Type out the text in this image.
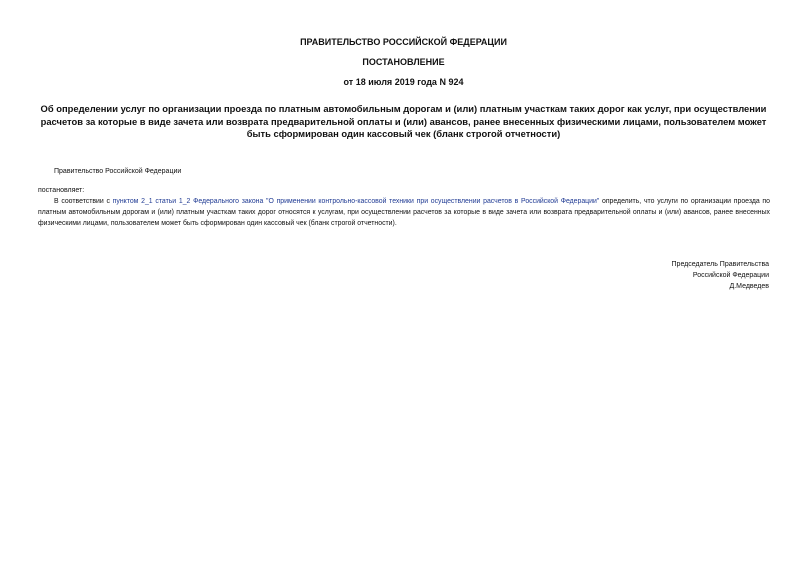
ПРАВИТЕЛЬСТВО РОССИЙСКОЙ ФЕДЕРАЦИИ
ПОСТАНОВЛЕНИЕ
от 18 июля 2019 года N 924
Об определении услуг по организации проезда по платным автомобильным дорогам и (или) платным участкам таких дорог как услуг, при осуществлении расчетов за которые в виде зачета или возврата предварительной оплаты и (или) авансов, ранее внесенных физическими лицами, пользователем может быть сформирован один кассовый чек (бланк строгой отчетности)
Правительство Российской Федерации
постановляет:
В соответствии с пунктом 2_1 статьи 1_2 Федерального закона "О применении контрольно-кассовой техники при осуществлении расчетов в Российской Федерации" определить, что услуги по организации проезда по платным автомобильным дорогам и (или) платным участкам таких дорог относятся к услугам, при осуществлении расчетов за которые в виде зачета или возврата предварительной оплаты и (или) авансов, ранее внесенных физическими лицами, пользователем может быть сформирован один кассовый чек (бланк строгой отчетности).
Председатель Правительства
Российской Федерации
Д.Медведев
